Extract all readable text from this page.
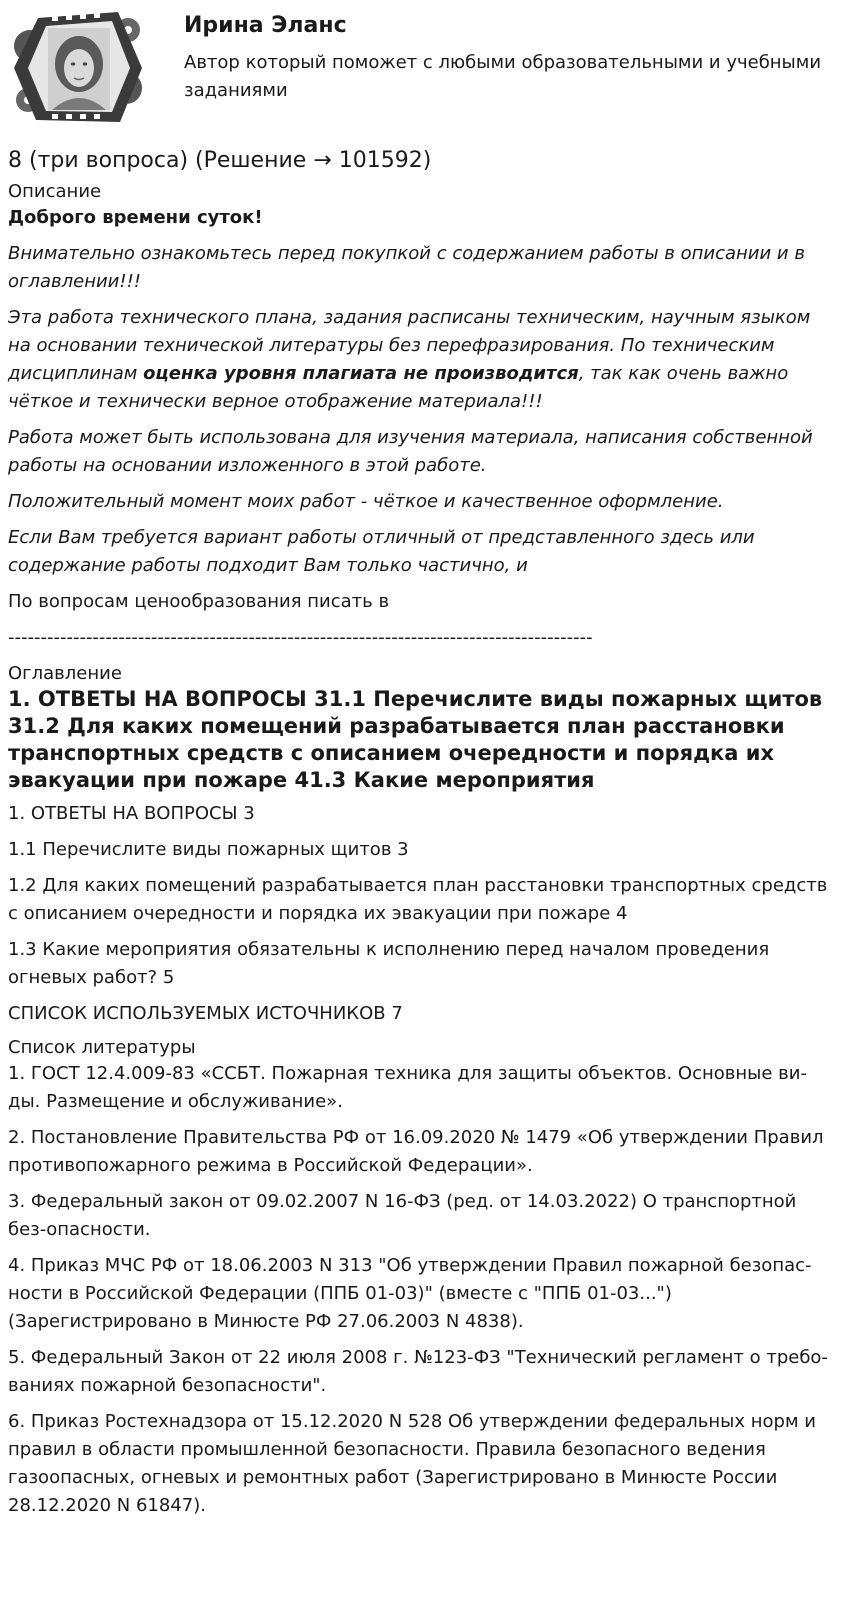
Ирина Эланс
Автор который поможет с любыми образовательными и учебными заданиями
8 (три вопроса) (Решение → 101592)
Описание
Доброго времени суток!

Внимательно ознакомьтесь перед покупкой с содержанием работы в описании и в оглавлении!!!

Эта работа технического плана, задания расписаны техническим, научным языком на основании технической литературы без перефразирования. По техническим дисциплинам оценка уровня плагиата не производится, так как очень важно чёткое и технически верное отображение материала!!!

Работа может быть использована для изучения материала, написания собственной работы на основании изложенного в этой работе.

Положительный момент моих работ - чёткое и качественное оформление.

Если Вам требуется вариант работы отличный от представленного здесь или содержание работы подходит Вам только частично, и

По вопросам ценообразования писать в

------------------------------------------------------------------------------------------
Оглавление
1. ОТВЕТЫ НА ВОПРОСЫ 31.1 Перечислите виды пожарных щитов 31.2 Для каких помещений разрабатывается план расстановки транспортных средств с описанием очередности и порядка их эвакуации при пожаре 41.3 Какие мероприятия

1. ОТВЕТЫ НА ВОПРОСЫ 3

1.1 Перечислите виды пожарных щитов 3

1.2 Для каких помещений разрабатывается план расстановки транспортных средств с описанием очередности и порядка их эвакуации при пожаре 4

1.3 Какие мероприятия обязательны к исполнению перед началом проведения огневых работ? 5

СПИСОК ИСПОЛЬЗУЕМЫХ ИСТОЧНИКОВ 7

Список литературы

1. ГОСТ 12.4.009-83 «ССБТ. Пожарная техника для защиты объектов. Основные ви-ды. Размещение и обслуживание».

2. Постановление Правительства РФ от 16.09.2020 № 1479 «Об утверждении Правил противопожарного режима в Российской Федерации».

3. Федеральный закон от 09.02.2007 N 16-ФЗ (ред. от 14.03.2022) О транспортной без-опасности.

4. Приказ МЧС РФ от 18.06.2003 N 313 "Об утверждении Правил пожарной безопас-ности в Российской Федерации (ППБ 01-03)" (вместе с "ППБ 01-03...") (Зарегистрировано в Минюсте РФ 27.06.2003 N 4838).

5. Федеральный Закон от 22 июля 2008 г. №123-ФЗ "Технический регламент о требо-ваниях пожарной безопасности".

6. Приказ Ростехнадзора от 15.12.2020 N 528 Об утверждении федеральных норм и правил в области промышленной безопасности. Правила безопасного ведения газоопасных, огневых и ремонтных работ (Зарегистрировано в Минюсте России 28.12.2020 N 61847).
